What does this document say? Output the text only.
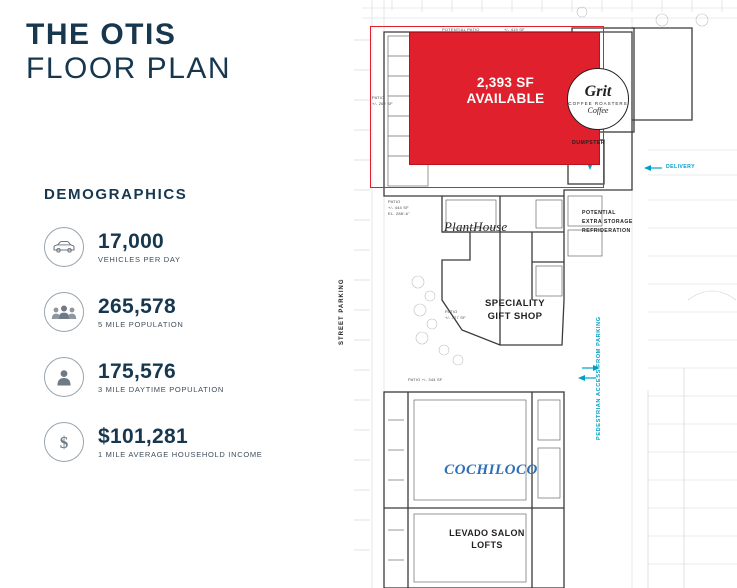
THE OTIS
FLOOR PLAN
DEMOGRAPHICS
17,000
VEHICLES PER DAY
265,578
5 MILE POPULATION
175,576
3 MILE DAYTIME POPULATION
$ $101,281
1 MILE AVERAGE HOUSEHOLD INCOME
2,393 SF
AVAILABLE	Grit
COFFEE ROASTERS
Coffee
PlantHouse
SPECIALITY
GIFT SHOP
COCHILOCO
LEVADO SALON
LOFTS
POTENTIAL PATIO	+/- 419 SF
PATIO
+/- 262 SF
PATIO
+/- 444 SF
EL. 288'-6"
PATIO
+/- 727 SF
PATIO +/- 344 SF
DUMPSTER
DELIVERY
POTENTIAL
EXTRA STORAGE
REFRIDERATION
STREET PARKING
PEDESTRIAN ACCESS FROM PARKING
